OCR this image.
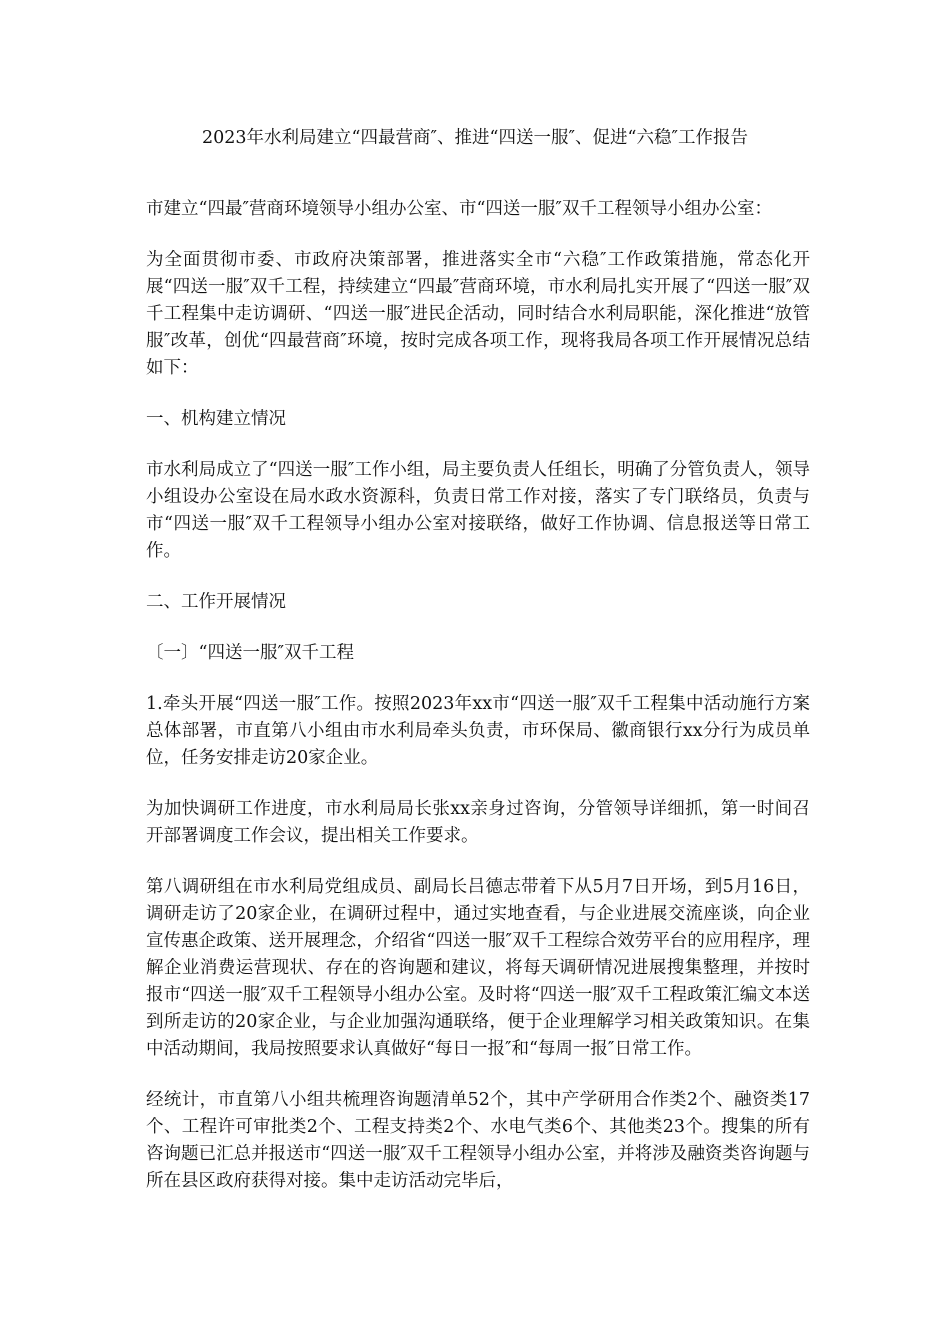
2023年水利局建立“四最营商″、推进“四送一服″、促进“六稳″工作报告

市建立“四最″营商环境领导小组办公室、市“四送一服″双千工程领导小组办公室：

为全面贯彻市委、市政府决策部署，推进落实全市“六稳″工作政策措施，常态化开展“四送一服″双千工程，持续建立“四最″营商环境，市水利局扎实开展了“四送一服″双千工程集中走访调研、“四送一服″进民企活动，同时结合水利局职能，深化推进“放管服″改革，创优“四最营商″环境，按时完成各项工作，现将我局各项工作开展情况总结如下：

一、机构建立情况

市水利局成立了“四送一服″工作小组，局主要负责人任组长，明确了分管负责人，领导小组设办公室设在局水政水资源科，负责日常工作对接，落实了专门联络员，负责与市“四送一服″双千工程领导小组办公室对接联络，做好工作协调、信息报送等日常工作。

二、工作开展情况

〔一〕“四送一服″双千工程

1.牵头开展“四送一服″工作。按照2023年xx市“四送一服″双千工程集中活动施行方案总体部署，市直第八小组由市水利局牵头负责，市环保局、徽商银行xx分行为成员单位，任务安排走访20家企业。

为加快调研工作进度，市水利局局长张xx亲身过咨询，分管领导详细抓，第一时间召开部署调度工作会议，提出相关工作要求。

第八调研组在市水利局党组成员、副局长吕德志带着下从5月7日开场，到5月16日，调研走访了20家企业，在调研过程中，通过实地查看，与企业进展交流座谈，向企业宣传惠企政策、送开展理念，介绍省“四送一服″双千工程综合效劳平台的应用程序，理解企业消费运营现状、存在的咨询题和建议，将每天调研情况进展搜集整理，并按时报市“四送一服″双千工程领导小组办公室。及时将“四送一服″双千工程政策汇编文本送到所走访的20家企业，与企业加强沟通联络，便于企业理解学习相关政策知识。在集中活动期间，我局按照要求认真做好“每日一报″和“每周一报″日常工作。

经统计，市直第八小组共梳理咨询题清单52个，其中产学研用合作类2个、融资类17个、工程许可审批类2个、工程支持类2个、水电气类6个、其他类23个。搜集的所有咨询题已汇总并报送市“四送一服″双千工程领导小组办公室，并将涉及融资类咨询题与所在县区政府获得对接。集中走访活动完毕后，
